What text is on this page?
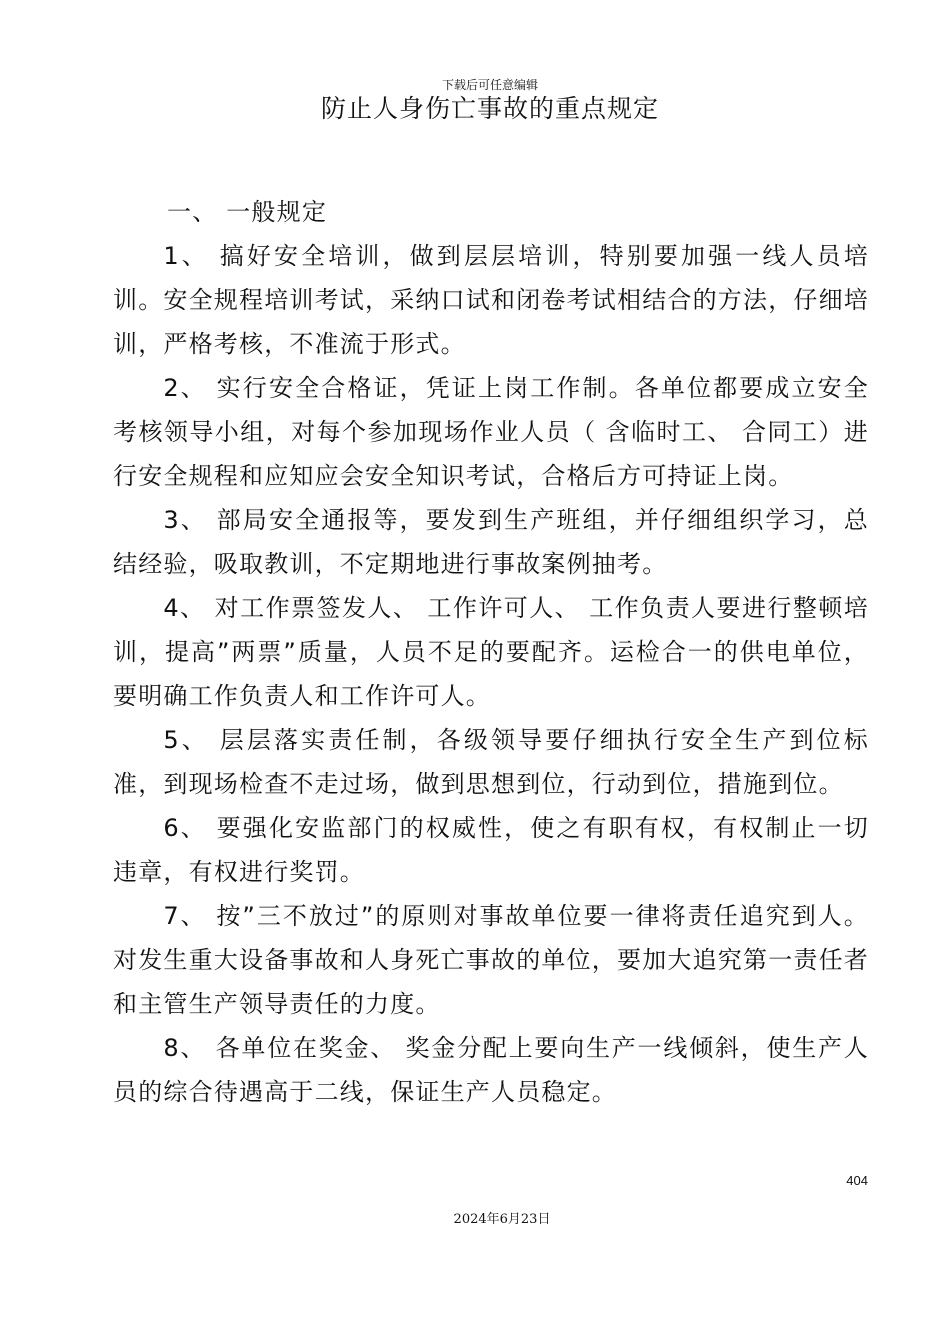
下载后可任意编辑
防止人身伤亡事故的重点规定

一、 一般规定

1、 搞好安全培训，做到层层培训，特别要加强一线人员培训。安全规程培训考试，采纳口试和闭卷考试相结合的方法，仔细培训，严格考核，不准流于形式。

2、 实行安全合格证，凭证上岗工作制。各单位都要成立安全考核领导小组，对每个参加现场作业人员（ 含临时工、 合同工）进行安全规程和应知应会安全知识考试，合格后方可持证上岗。

3、 部局安全通报等，要发到生产班组，并仔细组织学习，总结经验，吸取教训，不定期地进行事故案例抽考。

4、 对工作票签发人、 工作许可人、 工作负责人要进行整顿培训，提高”两票”质量，人员不足的要配齐。运检合一的供电单位，要明确工作负责人和工作许可人。

5、 层层落实责任制，各级领导要仔细执行安全生产到位标准，到现场检查不走过场，做到思想到位，行动到位，措施到位。

6、 要强化安监部门的权威性，使之有职有权，有权制止一切违章，有权进行奖罚。

7、 按”三不放过”的原则对事故单位要一律将责任追究到人。对发生重大设备事故和人身死亡事故的单位，要加大追究第一责任者和主管生产领导责任的力度。

8、 各单位在奖金、 奖金分配上要向生产一线倾斜，使生产人员的综合待遇高于二线，保证生产人员稳定。

404
2024年6月23日
